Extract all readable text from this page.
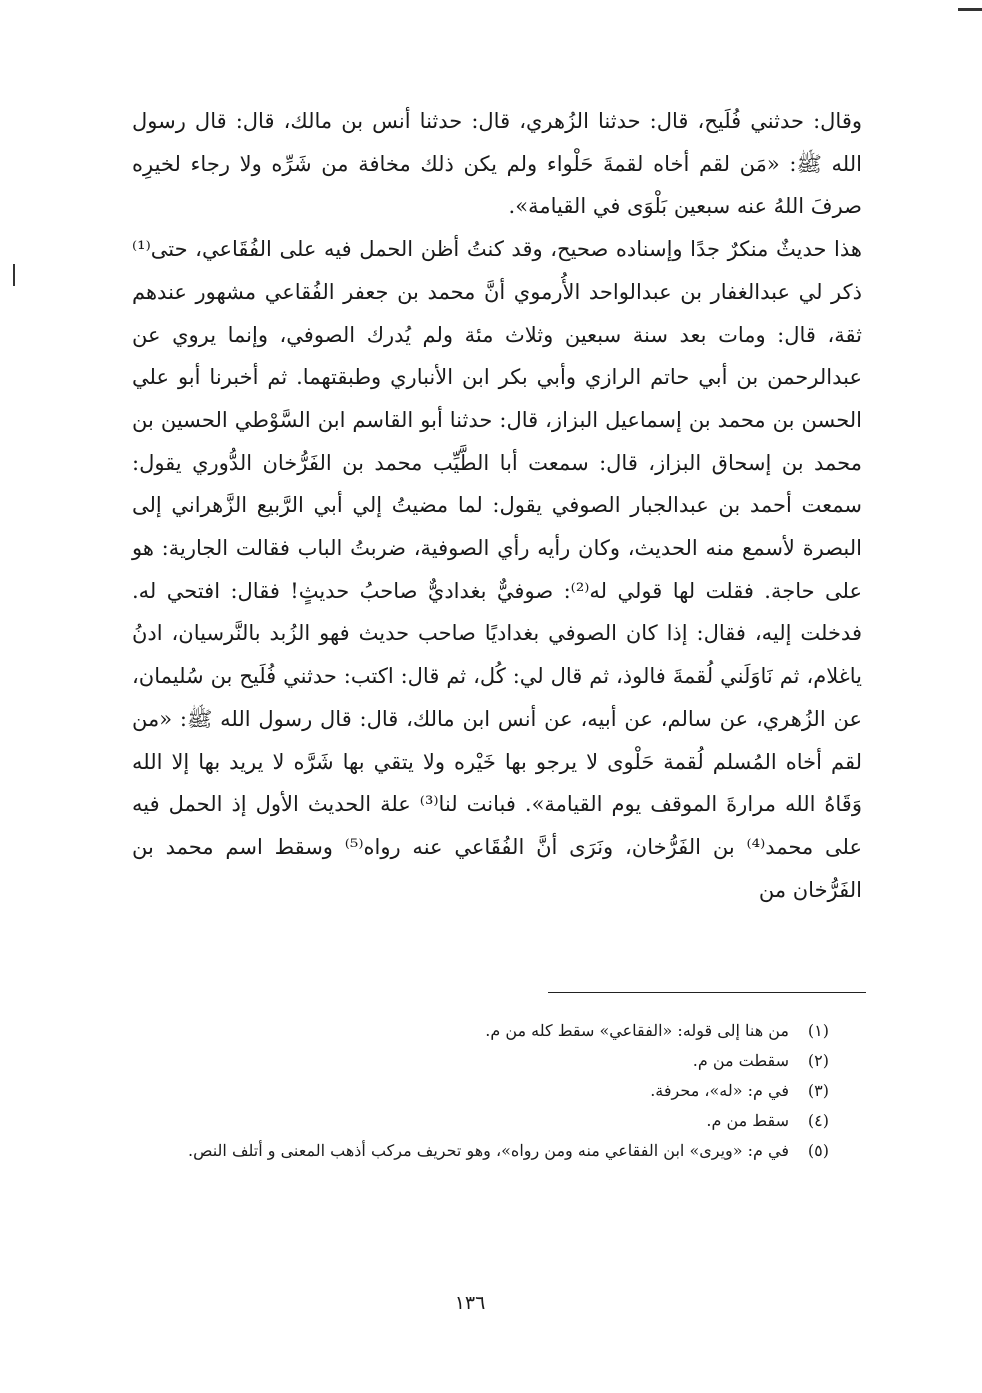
وقال: حدثني فُلَيح، قال: حدثنا الزُهري، قال: حدثنا أنس بن مالك، قال: قال رسول الله ﷺ: «مَن لقم أخاه لقمةَ حَلْواء ولم يكن ذلك مخافة من شَرِّه ولا رجاء لخيرِه صرفَ اللهُ عنه سبعين بَلْوَى في القيامة».

هذا حديثٌ منكرٌ جدًا وإسناده صحيح، وقد كنتُ أظن الحمل فيه على الفُقَاعي، حتى⁽¹⁾ ذكر لي عبدالغفار بن عبدالواحد الأُرموي أنَّ محمد بن جعفر الفُقاعي مشهور عندهم ثقة، قال: ومات بعد سنة سبعين وثلاث مئة ولم يُدرك الصوفي، وإنما يروي عن عبدالرحمن بن أبي حاتم الرازي وأبي بكر ابن الأنباري وطبقتهما. ثم أخبرنا أبو علي الحسن بن محمد بن إسماعيل البزاز، قال: حدثنا أبو القاسم ابن السَّوْطي الحسين بن محمد بن إسحاق البزاز، قال: سمعت أبا الطَّيِّب محمد بن الفَرُّخان الدُّوري يقول: سمعت أحمد بن عبدالجبار الصوفي يقول: لما مضيتُ إلي أبي الرَّبيع الزَّهراني إلى البصرة لأسمع منه الحديث، وكان رأيه رأي الصوفية، ضربتُ الباب فقالت الجارية: هو على حاجة. فقلت لها قولي له⁽²⁾: صوفيٌّ بغداديٌّ صاحبُ حديثٍ! فقال: افتحي له. فدخلت إليه، فقال: إذا كان الصوفي بغداديًا صاحب حديث فهو الزُبد بالنَّرسيان، ادنُ ياغلام، ثم نَاوَلَني لُقمةَ فالوذ، ثم قال لي: كُل، ثم قال: اكتب: حدثني فُلَيح بن سُليمان، عن الزُهري، عن سالم، عن أبيه، عن أنس ابن مالك، قال: قال رسول الله ﷺ: «من لقم أخاه المُسلم لُقمة حَلْوى لا يرجو بها خَيْره ولا يتقي بها شَرَّه لا يريد بها إلا الله وَقَاهُ الله مرارةَ الموقف يوم القيامة». فبانت لنا⁽³⁾ علة الحديث الأول إذ الحمل فيه على محمد⁽⁴⁾ بن الفَرُّخان، ونَرَى أنَّ الفُقَاعي عنه رواه⁽⁵⁾ وسقط اسم محمد بن الفَرُّخان من

(١)
من هنا إلى قوله: «الفقاعي» سقط كله من م.
(٢)
سقطت من م.
(٣)
في م: «له»، محرفة.
(٤)
سقط من م.
(٥)
في م: «ويرى» ابن الفقاعي منه ومن رواه»، وهو تحريف مركب أذهب المعنى و أتلف النص.
١٣٦
